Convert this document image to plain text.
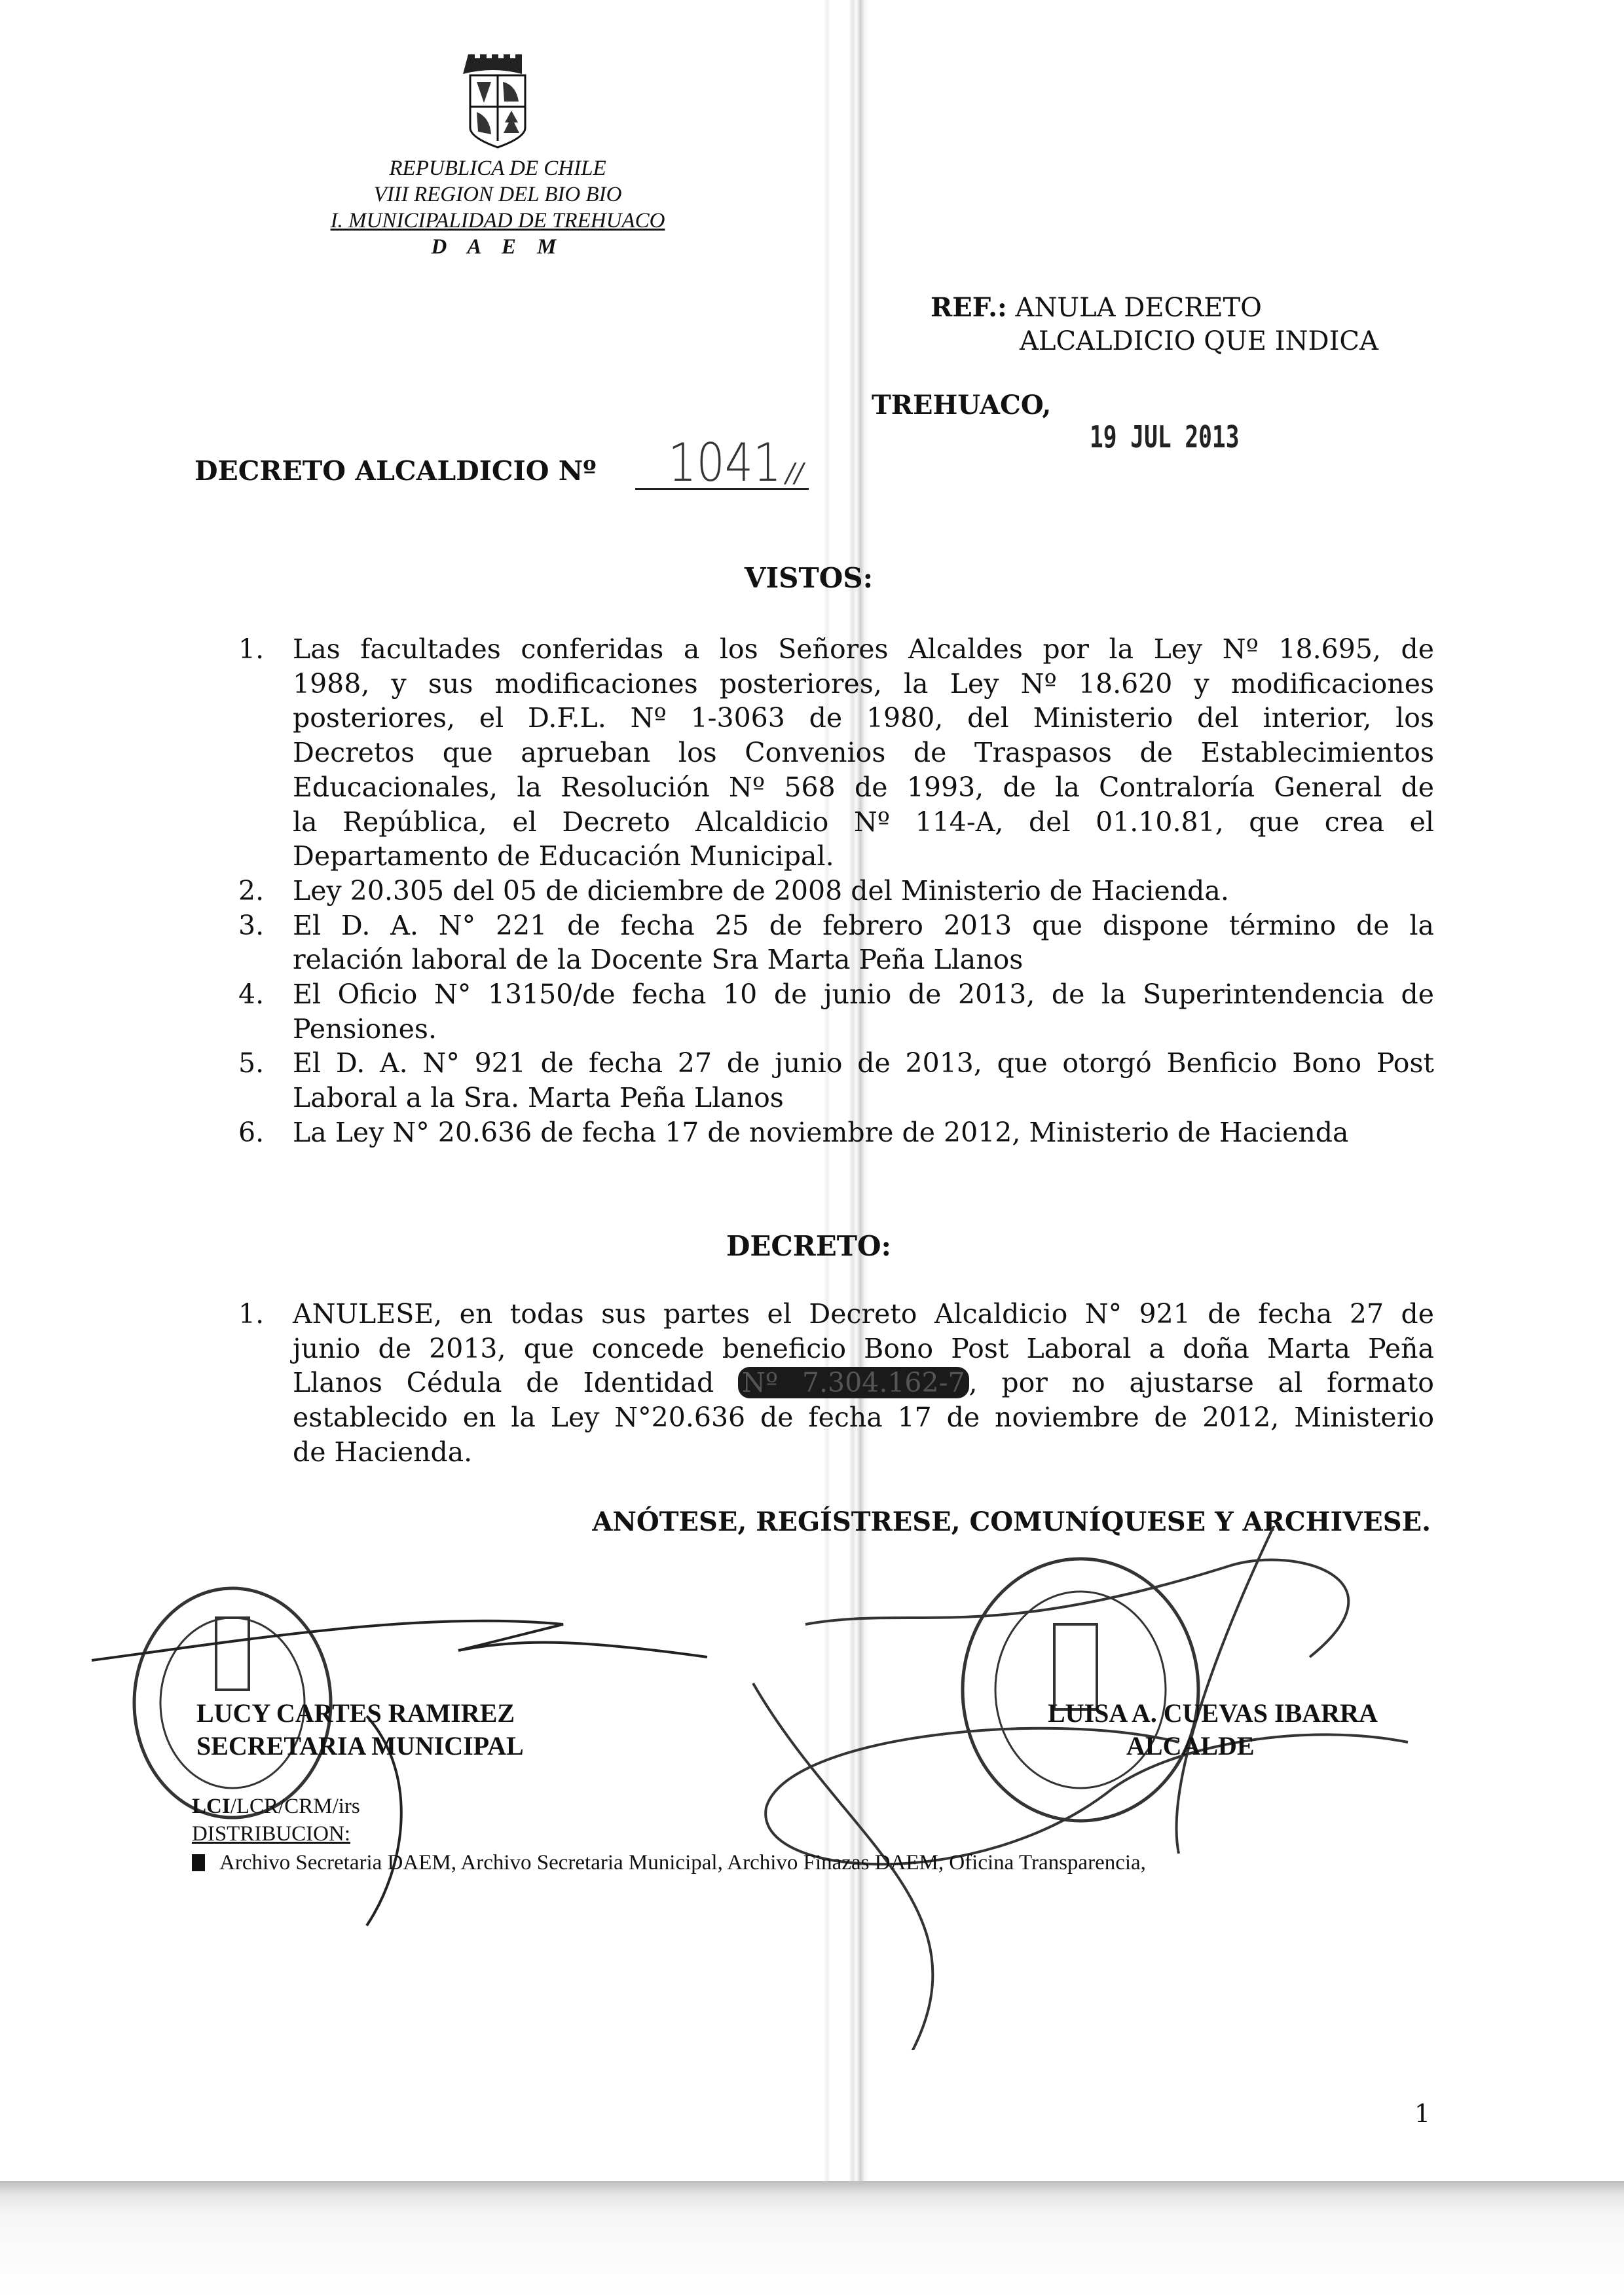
REPUBLICA DE CHILE
VIII REGION DEL BIO BIO
I. MUNICIPALIDAD DE TREHUACO
D A E M
REF.: ANULA DECRETO
ALCALDICIO QUE INDICA
TREHUACO,
19 JUL 2013
DECRETO ALCALDICIO Nº 1041 //
VISTOS:
1. Las facultades conferidas a los Señores Alcaldes por la Ley Nº 18.695, de
1988, y sus modificaciones posteriores, la Ley Nº 18.620 y modificaciones
posteriores, el D.F.L. Nº 1-3063 de 1980, del Ministerio del interior, los
Decretos que aprueban los Convenios de Traspasos de Establecimientos
Educacionales, la Resolución Nº 568 de 1993, de la Contraloría General de
la República, el Decreto Alcaldicio Nº 114-A, del 01.10.81, que crea el
Departamento de Educación Municipal.
2. Ley 20.305 del 05 de diciembre de 2008 del Ministerio de Hacienda.
3. El D. A. N° 221 de fecha 25 de febrero 2013 que dispone término de la
relación laboral de la Docente Sra Marta Peña Llanos
4. El Oficio N° 13150/de fecha 10 de junio de 2013, de la Superintendencia de
Pensiones.
5. El D. A. N° 921 de fecha 27 de junio de 2013, que otorgó Benficio Bono Post
Laboral a la Sra. Marta Peña Llanos
6. La Ley N° 20.636 de fecha 17 de noviembre de 2012, Ministerio de Hacienda
DECRETO:
1. ANULESE, en todas sus partes el Decreto Alcaldicio N° 921 de fecha 27 de
junio de 2013, que concede beneficio Bono Post Laboral a doña Marta Peña
Llanos Cédula de Identidad Nº 7.304.162-7 , por no ajustarse al formato
establecido en la Ley N°20.636 de fecha 17 de noviembre de 2012, Ministerio
de Hacienda.
ANÓTESE, REGÍSTRESE, COMUNÍQUESE Y ARCHIVESE.
LUCY CARTES RAMIREZ
SECRETARIA MUNICIPAL
LUISA A. CUEVAS IBARRA
ALCALDE
LCI/LCR/CRM/irs
DISTRIBUCION:
Archivo Secretaria DAEM, Archivo Secretaria Municipal, Archivo Finazas DAEM, Oficina Transparencia,
1
